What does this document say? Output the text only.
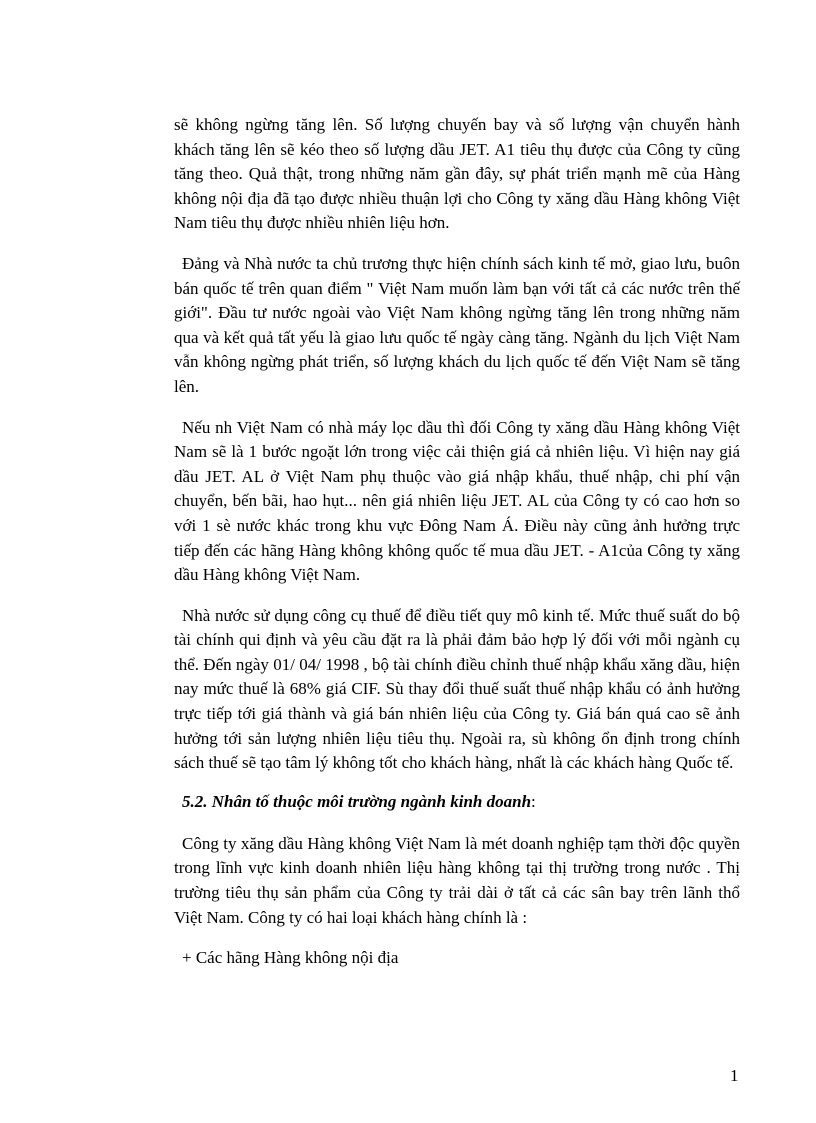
sẽ không ngừng tăng lên. Số lượng chuyến bay và số lượng vận chuyển hành khách tăng lên sẽ kéo theo số lượng dầu JET. A1 tiêu thụ được của Công ty cũng tăng theo. Quả thật, trong những năm gần đây, sự phát triển mạnh mẽ của Hàng không nội địa đã tạo được nhiều thuận lợi cho Công ty xăng dầu Hàng không Việt Nam tiêu thụ được nhiều nhiên liệu hơn.

Đảng và Nhà nước ta chủ trương thực hiện chính sách kinh tế mở, giao lưu, buôn bán quốc tế trên quan điểm " Việt Nam muốn làm bạn với tất cả các nước trên thế giới". Đầu tư nước ngoài vào Việt Nam không ngừng tăng lên trong những năm qua và kết quả tất yếu là giao lưu quốc tế ngày càng tăng. Ngành du lịch Việt Nam vẫn không ngừng phát triển, số lượng khách du lịch quốc tế đến Việt Nam sẽ tăng lên.

Nếu nh Việt Nam có nhà máy lọc dầu thì đối Công ty xăng dầu Hàng không Việt Nam sẽ là 1 bước ngoặt lớn trong việc cải thiện giá cả nhiên liệu. Vì hiện nay giá dầu JET. AL ở Việt Nam phụ thuộc vào giá nhập khẩu, thuế nhập, chi phí vận chuyển, bến bãi, hao hụt... nên giá nhiên liệu JET. AL của Công ty có cao hơn so với 1 sè nước khác trong khu vực Đông Nam Á. Điều này cũng ảnh hưởng trực tiếp đến các hãng Hàng không không quốc tế mua dầu JET. - A1của Công ty xăng dầu Hàng không Việt Nam.

Nhà nước sử dụng công cụ thuế để điều tiết quy mô kinh tế. Mức thuế suất do bộ tài chính qui định và yêu cầu đặt ra là phải đảm bảo hợp lý đối với mỗi ngành cụ thể. Đến ngày 01/ 04/ 1998 , bộ tài chính điều chỉnh thuế nhập khẩu xăng dầu, hiện nay mức thuế là 68% giá CIF. Sù thay đổi thuế suất thuế nhập khẩu có ảnh hưởng trực tiếp tới giá thành và giá bán nhiên liệu của Công ty. Giá bán quá cao sẽ ảnh hưởng tới sản lượng nhiên liệu tiêu thụ. Ngoài ra, sù không ổn định trong chính sách thuế sẽ tạo tâm lý không tốt cho khách hàng, nhất là các khách hàng Quốc tế.

5.2. Nhân tố thuộc môi trường ngành kinh doanh:

Công ty xăng dầu Hàng không Việt Nam là mét doanh nghiệp tạm thời độc quyền trong lĩnh vực kinh doanh nhiên liệu hàng không tại thị trường trong nước . Thị trường tiêu thụ sản phẩm của Công ty trải dài ở tất cả các sân bay trên lãnh thổ Việt Nam. Công ty có hai loại khách hàng chính là :

+ Các hãng Hàng không nội địa

1
